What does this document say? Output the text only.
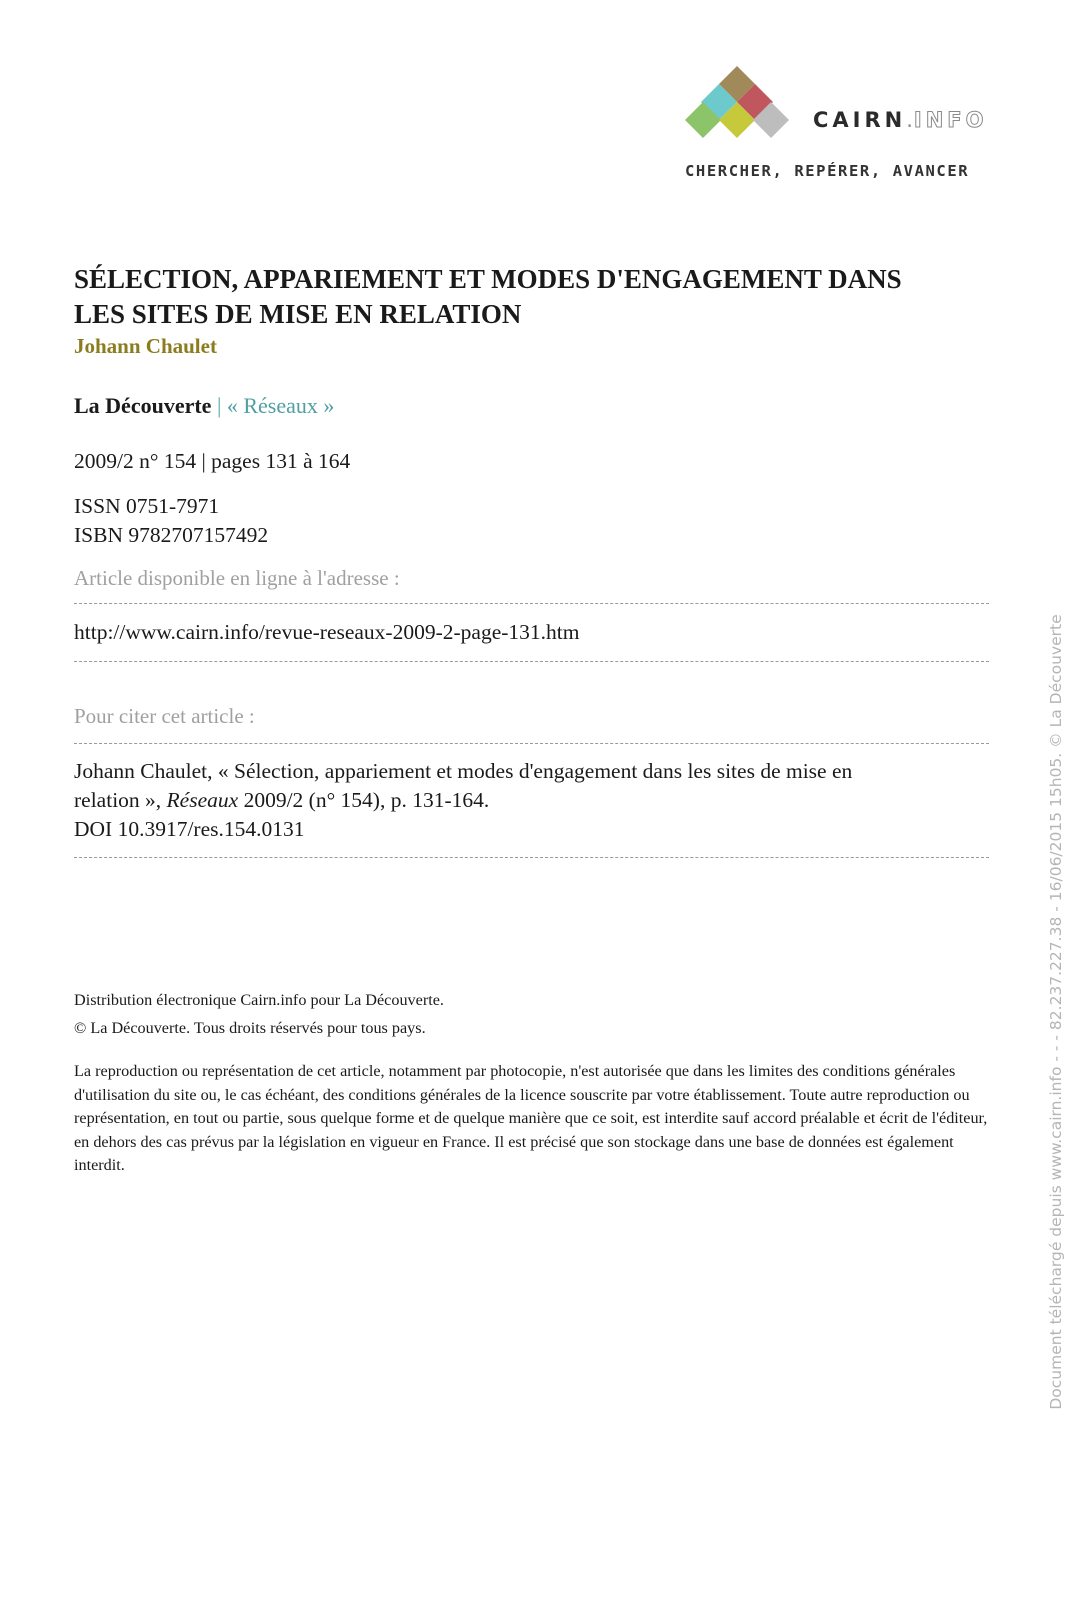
CAIRN.INFO
CHERCHER, REPÉRER, AVANCER
SÉLECTION, APPARIEMENT ET MODES D'ENGAGEMENT DANS
LES SITES DE MISE EN RELATION
Johann Chaulet
La Découverte | « Réseaux »
2009/2 n° 154 | pages 131 à 164
ISSN 0751-7971
ISBN 9782707157492
Article disponible en ligne à l'adresse :
http://www.cairn.info/revue-reseaux-2009-2-page-131.htm
Pour citer cet article :
Johann Chaulet, « Sélection, appariement et modes d'engagement dans les sites de mise en
relation », Réseaux 2009/2 (n° 154), p. 131-164.
DOI 10.3917/res.154.0131

Distribution électronique Cairn.info pour La Découverte.

© La Découverte. Tous droits réservés pour tous pays.

La reproduction ou représentation de cet article, notamment par photocopie, n'est autorisée que dans les limites des conditions générales d'utilisation du site ou, le cas échéant, des conditions générales de la licence souscrite par votre établissement. Toute autre reproduction ou représentation, en tout ou partie, sous quelque forme et de quelque manière que ce soit, est interdite sauf accord préalable et écrit de l'éditeur, en dehors des cas prévus par la législation en vigueur en France. Il est précisé que son stockage dans une base de données est également interdit.	Document téléchargé depuis www.cairn.info - - - 82.237.227.38 - 16/06/2015 15h05. © La Découverte
